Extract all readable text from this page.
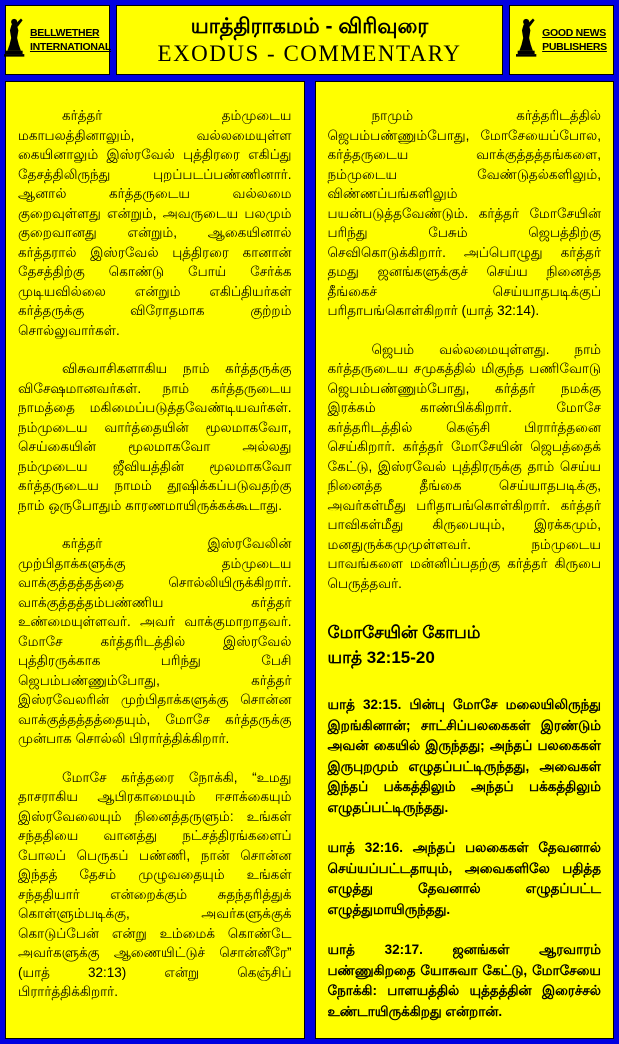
BELLWETHER
INTERNATIONAL
யாத்திராகமம் - விரிவுரை
EXODUS - COMMENTARY
GOOD NEWS
PUBLISHERS

கர்த்தர் தம்முடைய மகாபலத்தினாலும், வல்லமையுள்ள கையினாலும் இஸ்ரவேல் புத்திரரை எகிப்து தேசத்திலிருந்து புறப்படப்பண்ணினார். ஆனால் கர்த்தருடைய வல்லமை குறைவுள்ளது என்றும், அவருடைய பலமும் குறைவானது என்றும், ஆகையினால் கர்த்தரால் இஸ்ரவேல் புத்திரரை கானான் தேசத்திற்கு கொண்டு போய் சேர்க்க முடியவில்லை என்றும் எகிப்தியர்கள் கர்த்தருக்கு விரோதமாக குற்றம் சொல்லுவார்கள்.

விசுவாசிகளாகிய நாம் கர்த்தருக்கு விசேஷமானவர்கள். நாம் கர்த்தருடைய நாமத்தை மகிமைப்படுத்தவேண்டியவர்கள். நம்முடைய வார்த்தையின் மூலமாகவோ, செய்கையின் மூலமாகவோ அல்லது நம்முடைய ஜீவியத்தின் மூலமாகவோ கர்த்தருடைய நாமம் தூஷிக்கப்படுவதற்கு நாம் ஒருபோதும் காரணமாயிருக்கக்கூடாது.

கர்த்தர் இஸ்ரவேலின் முற்பிதாக்களுக்கு தம்முடைய வாக்குத்தத்தத்தை சொல்லியிருக்கிறார். வாக்குத்தத்தம்பண்ணிய கர்த்தர் உண்மையுள்ளவர். அவர் வாக்குமாறாதவர். மோசே கர்த்தரிடத்தில் இஸ்ரவேல் புத்திரருக்காக பரிந்து பேசி ஜெபம்பண்ணும்போது, கர்த்தர் இஸ்ரவேலரின் முற்பிதாக்களுக்கு சொன்ன வாக்குத்தத்தத்தையும், மோசே கர்த்தருக்கு முன்பாக சொல்லி பிரார்த்திக்கிறார்.

மோசே கர்த்தரை நோக்கி, “உமது தாசராகிய ஆபிரகாமையும் ஈசாக்கையும் இஸ்ரவேலையும் நினைத்தருளும்: உங்கள் சந்ததியை வானத்து நட்சத்திரங்களைப் போலப் பெருகப் பண்ணி, நான் சொன்ன இந்தத் தேசம் முழுவதையும் உங்கள் சந்ததியார் என்றைக்கும் சுதந்தரித்துக் கொள்ளும்படிக்கு, அவர்களுக்குக் கொடுப்பேன் என்று உம்மைக் கொண்டே அவர்களுக்கு ஆணையிட்டுச் சொன்னீரே” (யாத் 32:13) என்று கெஞ்சிப் பிரார்த்திக்கிறார்.

நாமும் கர்த்தரிடத்தில் ஜெபம்பண்ணும்போது, மோசேயைப்போல, கர்த்தருடைய வாக்குத்தத்தங்களை, நம்முடைய வேண்டுதல்களிலும், விண்ணப்பங்களிலும் பயன்படுத்தவேண்டும். கர்த்தர் மோசேயின் பரிந்து பேசும் ஜெபத்திற்கு செவிகொடுக்கிறார். அப்பொழுது கர்த்தர் தமது ஜனங்களுக்குச் செய்ய நினைத்த தீங்கைச் செய்யாதபடிக்குப் பரிதாபங்கொள்கிறார் (யாத் 32:14).

ஜெபம் வல்லமையுள்ளது. நாம் கர்த்தருடைய சமுகத்தில் மிகுந்த பணிவோடு ஜெபம்பண்ணும்போது, கர்த்தர் நமக்கு இரக்கம் காண்பிக்கிறார். மோசே கர்த்தரிடத்தில் கெஞ்சி பிரார்த்தனை செய்கிறார். கர்த்தர் மோசேயின் ஜெபத்தைக் கேட்டு, இஸ்ரவேல் புத்திரருக்கு தாம் செய்ய நினைத்த தீங்கை செய்யாதபடிக்கு, அவர்கள்மீது பரிதாபங்கொள்கிறார். கர்த்தர் பாவிகள்மீது கிருபையும், இரக்கமும், மனதுருக்கமுமுள்ளவர். நம்முடைய பாவங்களை மன்னிப்பதற்கு கர்த்தர் கிருபை பெருத்தவர்.

மோசேயின் கோபம்
யாத் 32:15-20

யாத் 32:15. பின்பு மோசே மலையிலிருந்து இறங்கினான்; சாட்சிப்பலகைகள் இரண்டும் அவன் கையில் இருந்தது; அந்தப் பலகைகள் இருபுறமும் எழுதப்பட்டிருந்தது, அவைகள் இந்தப் பக்கத்திலும் அந்தப் பக்கத்திலும் எழுதப்பட்டிருந்தது.

யாத் 32:16. அந்தப் பலகைகள் தேவனால் செய்யப்பட்டதாயும், அவைகளிலே பதித்த எழுத்து தேவனால் எழுதப்பட்ட எழுத்துமாயிருந்தது.

யாத் 32:17. ஜனங்கள் ஆரவாரம் பண்ணுகிறதை யோசுவா கேட்டு, மோசேயை நோக்கி: பாளயத்தில் யுத்தத்தின் இரைச்சல் உண்டாயிருக்கிறது என்றான்.
